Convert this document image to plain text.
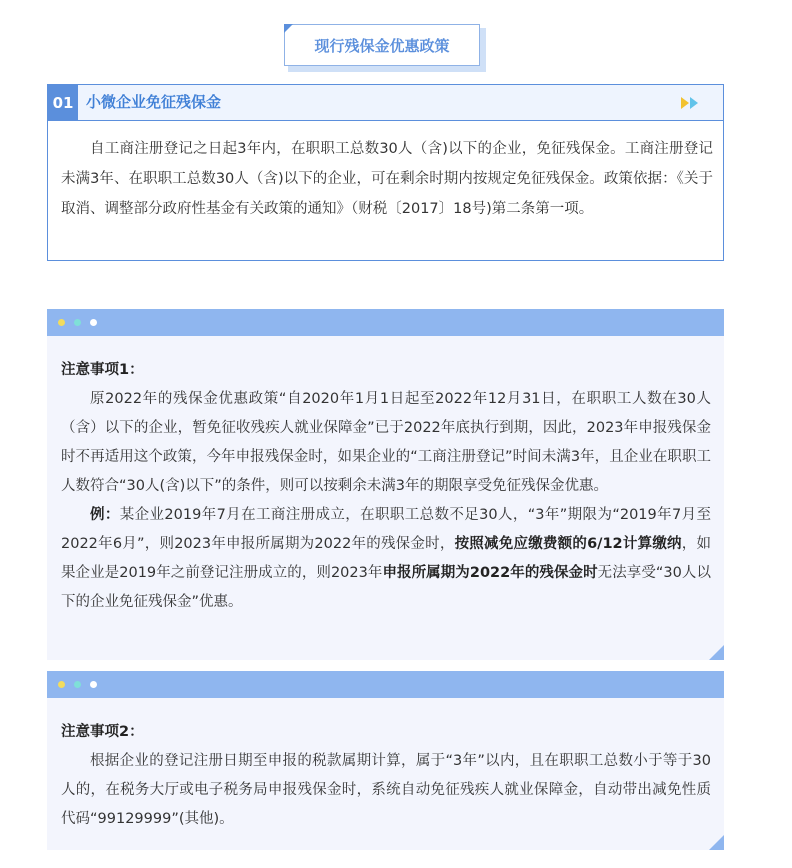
现行残保金优惠政策
01 小微企业免征残保金

自工商注册登记之日起3年内，在职职工总数30人（含)以下的企业，免征残保金。工商注册登记未满3年、在职职工总数30人（含)以下的企业，可在剩余时期内按规定免征残保金。政策依据：《关于取消、调整部分政府性基金有关政策的通知》（财税〔2017〕18号)第二条第一项。

注意事项1：

原2022年的残保金优惠政策“自2020年1月1日起至2022年12月31日，在职职工人数在30人（含）以下的企业，暂免征收残疾人就业保障金”已于2022年底执行到期，因此，2023年申报残保金时不再适用这个政策，今年申报残保金时，如果企业的“工商注册登记”时间未满3年，且企业在职职工人数符合“30人(含)以下”的条件，则可以按剩余未满3年的期限享受免征残保金优惠。

例：某企业2019年7月在工商注册成立，在职职工总数不足30人，“3年”期限为“2019年7月至2022年6月”，则2023年申报所属期为2022年的残保金时，按照减免应缴费额的6/12计算缴纳，如果企业是2019年之前登记注册成立的，则2023年申报所属期为2022年的残保金时无法享受“30人以下的企业免征残保金”优惠。

注意事项2：

根据企业的登记注册日期至申报的税款属期计算，属于“3年”以内，且在职职工总数小于等于30人的，在税务大厅或电子税务局申报残保金时，系统自动免征残疾人就业保障金，自动带出减免性质代码“99129999”(其他)。
